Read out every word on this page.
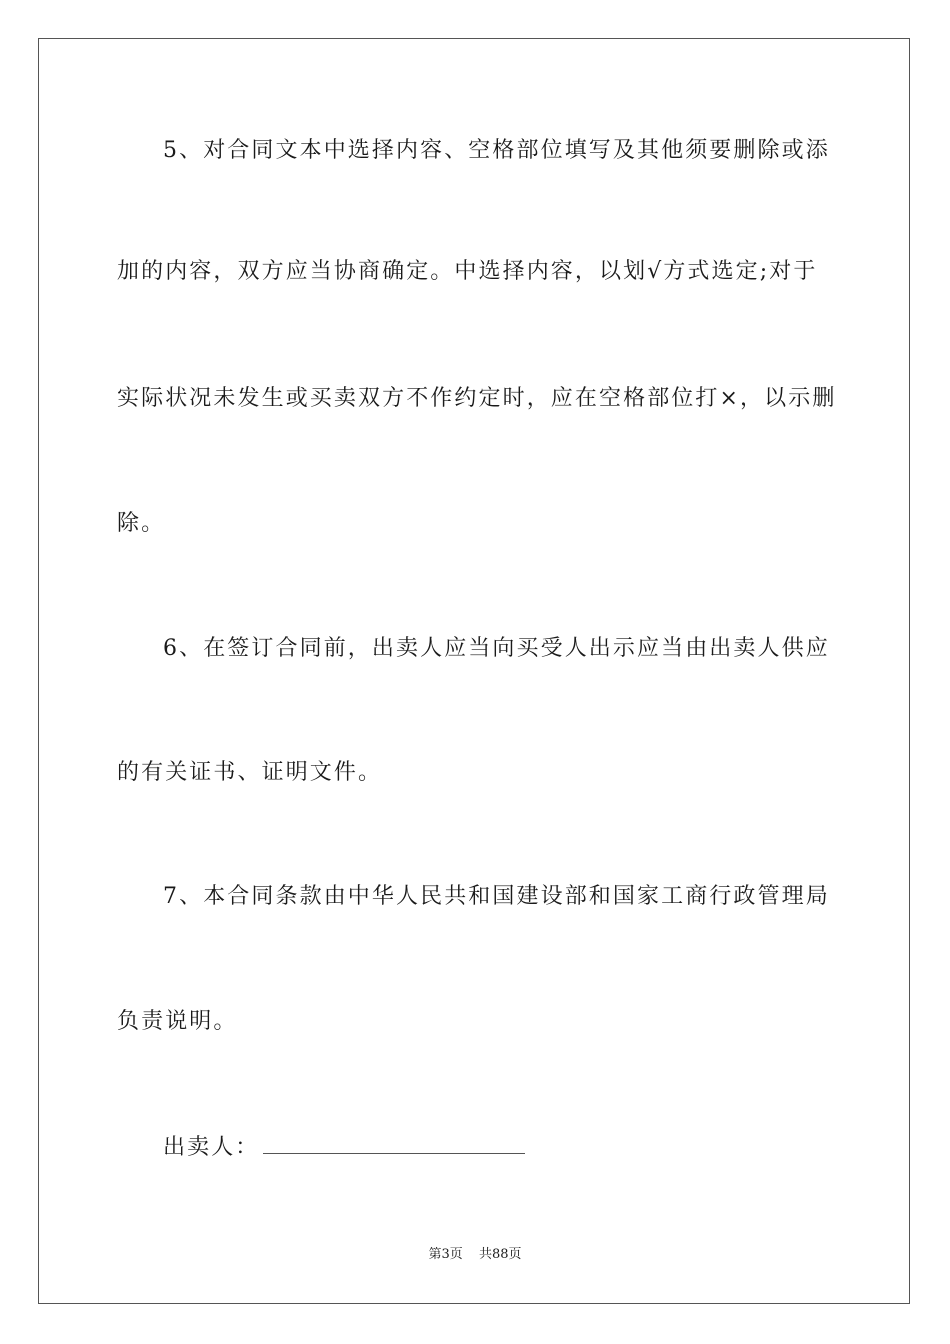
5、对合同文本中选择内容、空格部位填写及其他须要删除或添
加的内容，双方应当协商确定。中选择内容，以划√方式选定;对于
实际状况未发生或买卖双方不作约定时，应在空格部位打×，以示删
除。
6、在签订合同前，出卖人应当向买受人出示应当由出卖人供应
的有关证书、证明文件。
7、本合同条款由中华人民共和国建设部和国家工商行政管理局
负责说明。
出卖人：
第3页 共88页
